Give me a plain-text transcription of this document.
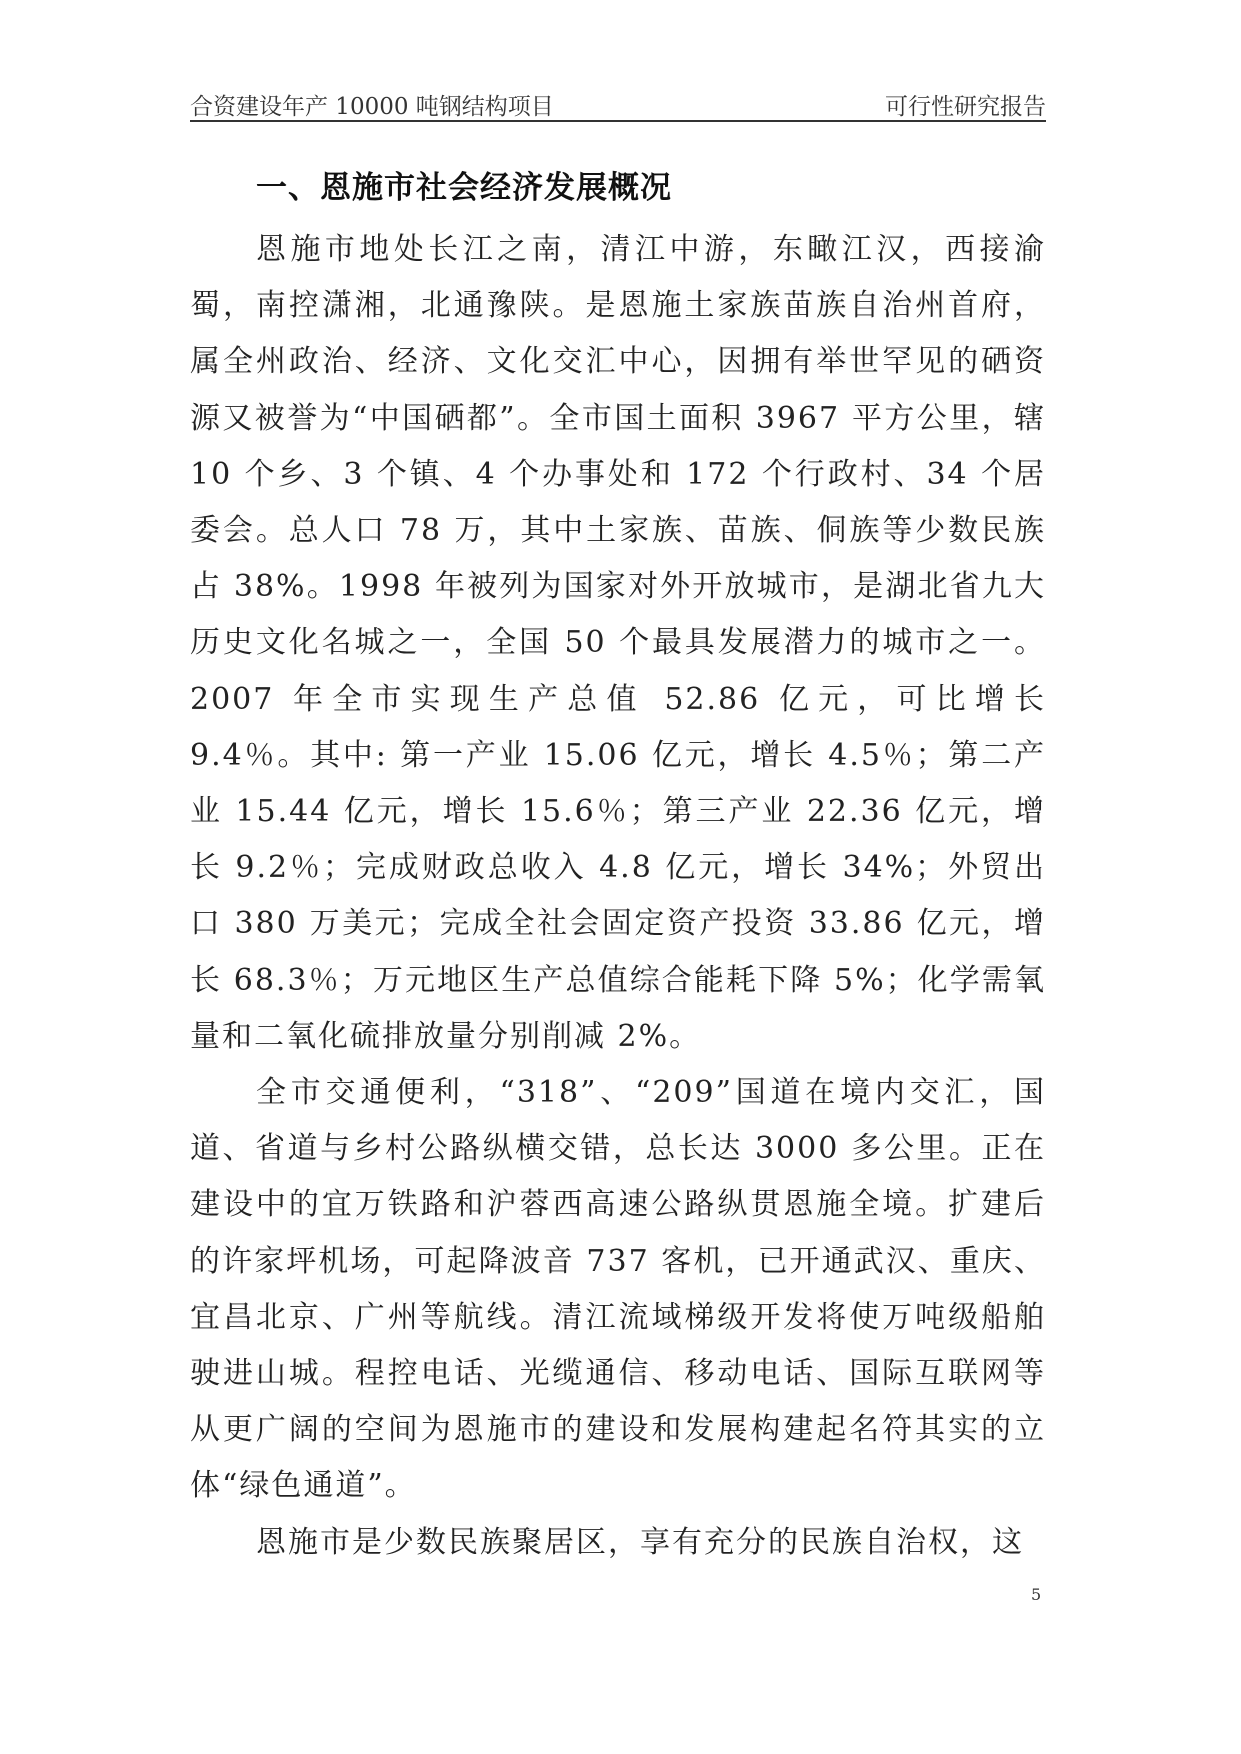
合资建设年产 10000 吨钢结构项目	可行性研究报告
一、恩施市社会经济发展概况

恩施市地处长江之南，清江中游，东瞰江汉，西接渝蜀，南控潇湘，北通豫陕。是恩施土家族苗族自治州首府，属全州政治、经济、文化交汇中心，因拥有举世罕见的硒资源又被誉为“中国硒都”。全市国土面积 3967 平方公里，辖 10 个乡、3 个镇、4 个办事处和 172 个行政村、34 个居委会。总人口 78 万，其中土家族、苗族、侗族等少数民族占 38%。1998 年被列为国家对外开放城市，是湖北省九大历史文化名城之一，全国 50 个最具发展潜力的城市之一。2007 年全市实现生产总值 52.86 亿元，可比增长 9.4％。其中: 第一产业 15.06 亿元，增长 4.5％；第二产业 15.44 亿元，增长 15.6％；第三产业 22.36 亿元，增长 9.2％；完成财政总收入 4.8 亿元，增长 34%；外贸出口 380 万美元；完成全社会固定资产投资 33.86 亿元，增长 68.3％；万元地区生产总值综合能耗下降 5%；化学需氧量和二氧化硫排放量分别削减 2%。

全市交通便利，“318”、“209”国道在境内交汇，国道、省道与乡村公路纵横交错，总长达 3000 多公里。正在建设中的宜万铁路和沪蓉西高速公路纵贯恩施全境。扩建后的许家坪机场，可起降波音 737 客机，已开通武汉、重庆、宜昌北京、广州等航线。清江流域梯级开发将使万吨级船舶驶进山城。程控电话、光缆通信、移动电话、国际互联网等从更广阔的空间为恩施市的建设和发展构建起名符其实的立体“绿色通道”。

恩施市是少数民族聚居区，享有充分的民族自治权，这

5
